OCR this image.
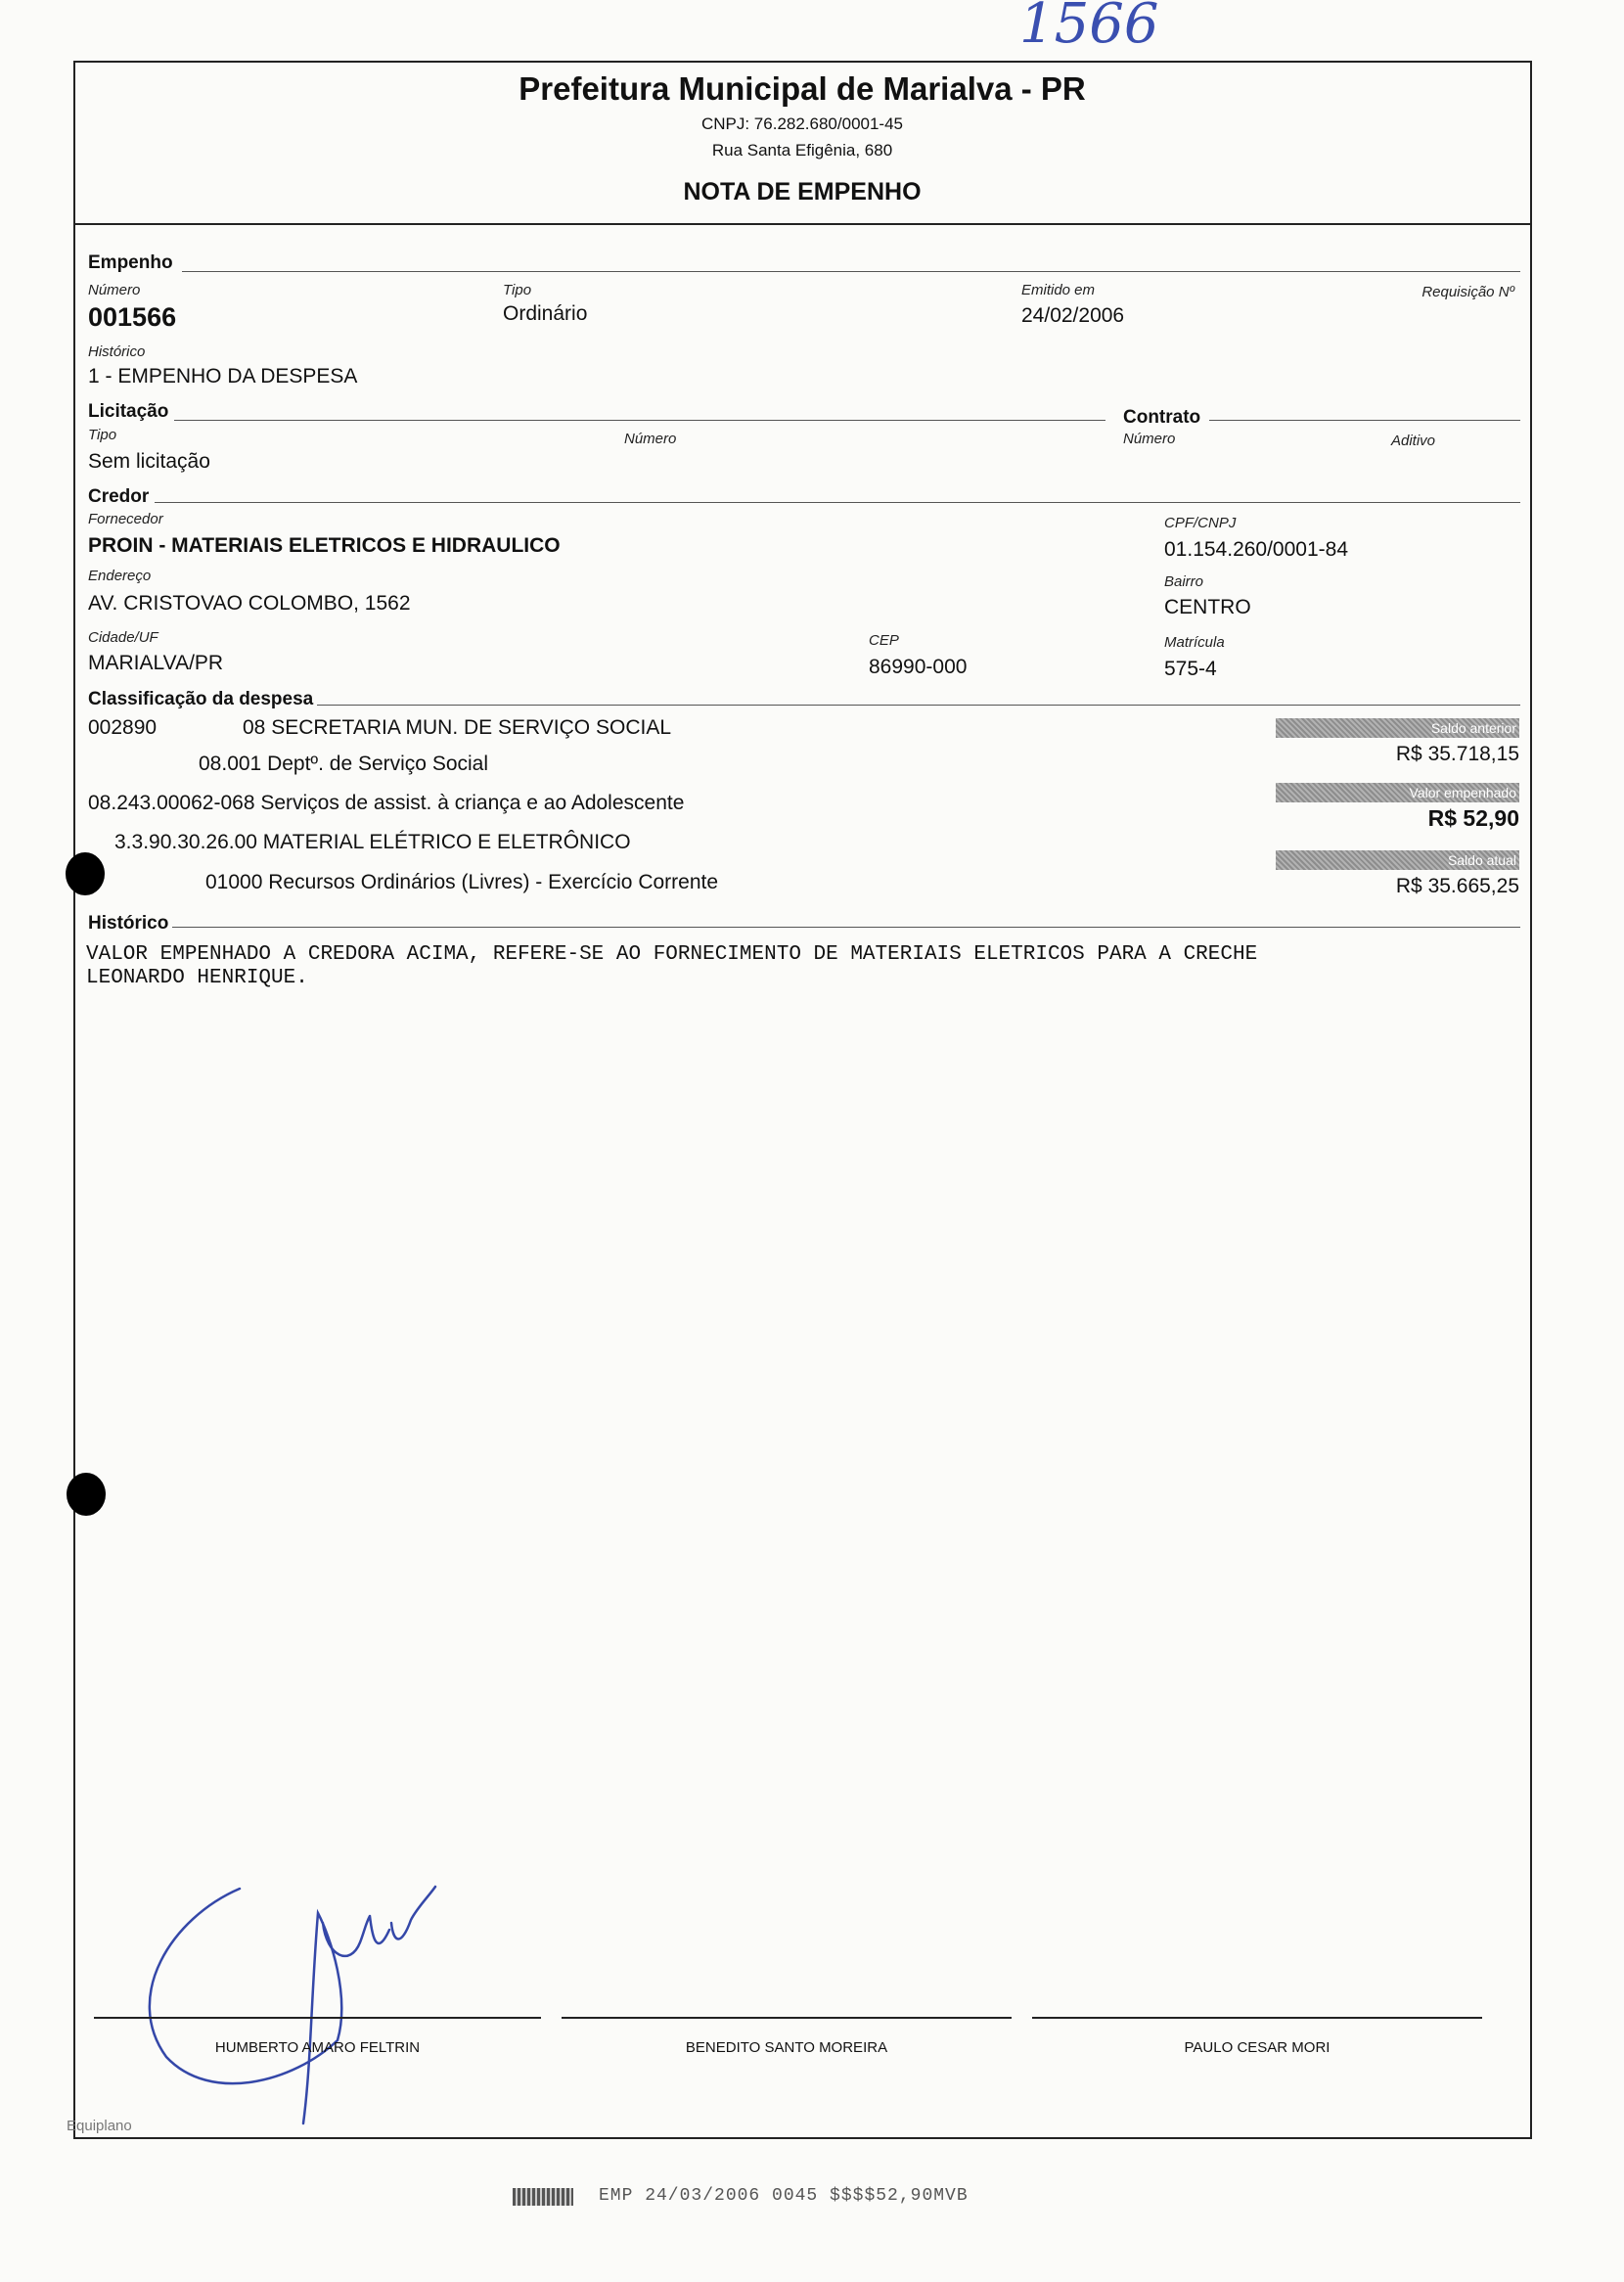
1566
Prefeitura Municipal de Marialva - PR
CNPJ: 76.282.680/0001-45
Rua Santa Efigênia, 680
NOTA DE EMPENHO
Empenho
Número
001566
Tipo
Ordinário
Emitido em
24/02/2006
Requisição Nº
Histórico
1 - EMPENHO DA DESPESA
Licitação	Contrato
Tipo
Sem licitação
Número	Número	Aditivo
Credor
Fornecedor
PROIN - MATERIAIS ELETRICOS E HIDRAULICO
CPF/CNPJ
01.154.260/0001-84
Endereço
AV. CRISTOVAO COLOMBO, 1562
Bairro
CENTRO
Cidade/UF
MARIALVA/PR
CEP
86990-000
Matrícula
575-4
Classificação da despesa
002890	08 SECRETARIA MUN. DE SERVIÇO SOCIAL
08.001 Deptº. de Serviço Social
08.243.00062-068 Serviços de assist. à criança e ao Adolescente
3.3.90.30.26.00 MATERIAL ELÉTRICO E ELETRÔNICO
01000 Recursos Ordinários (Livres) - Exercício Corrente
Saldo anterior
R$ 35.718,15
Valor empenhado
R$ 52,90
Saldo atual
R$ 35.665,25
Histórico
VALOR EMPENHADO A CREDORA ACIMA, REFERE-SE AO FORNECIMENTO DE MATERIAIS ELETRICOS PARA A CRECHE
LEONARDO HENRIQUE.
HUMBERTO AMARO FELTRIN	BENEDITO SANTO MOREIRA	PAULO CESAR MORI
Equiplano
EMP 24/03/2006 0045 $$$$52,90MVB
